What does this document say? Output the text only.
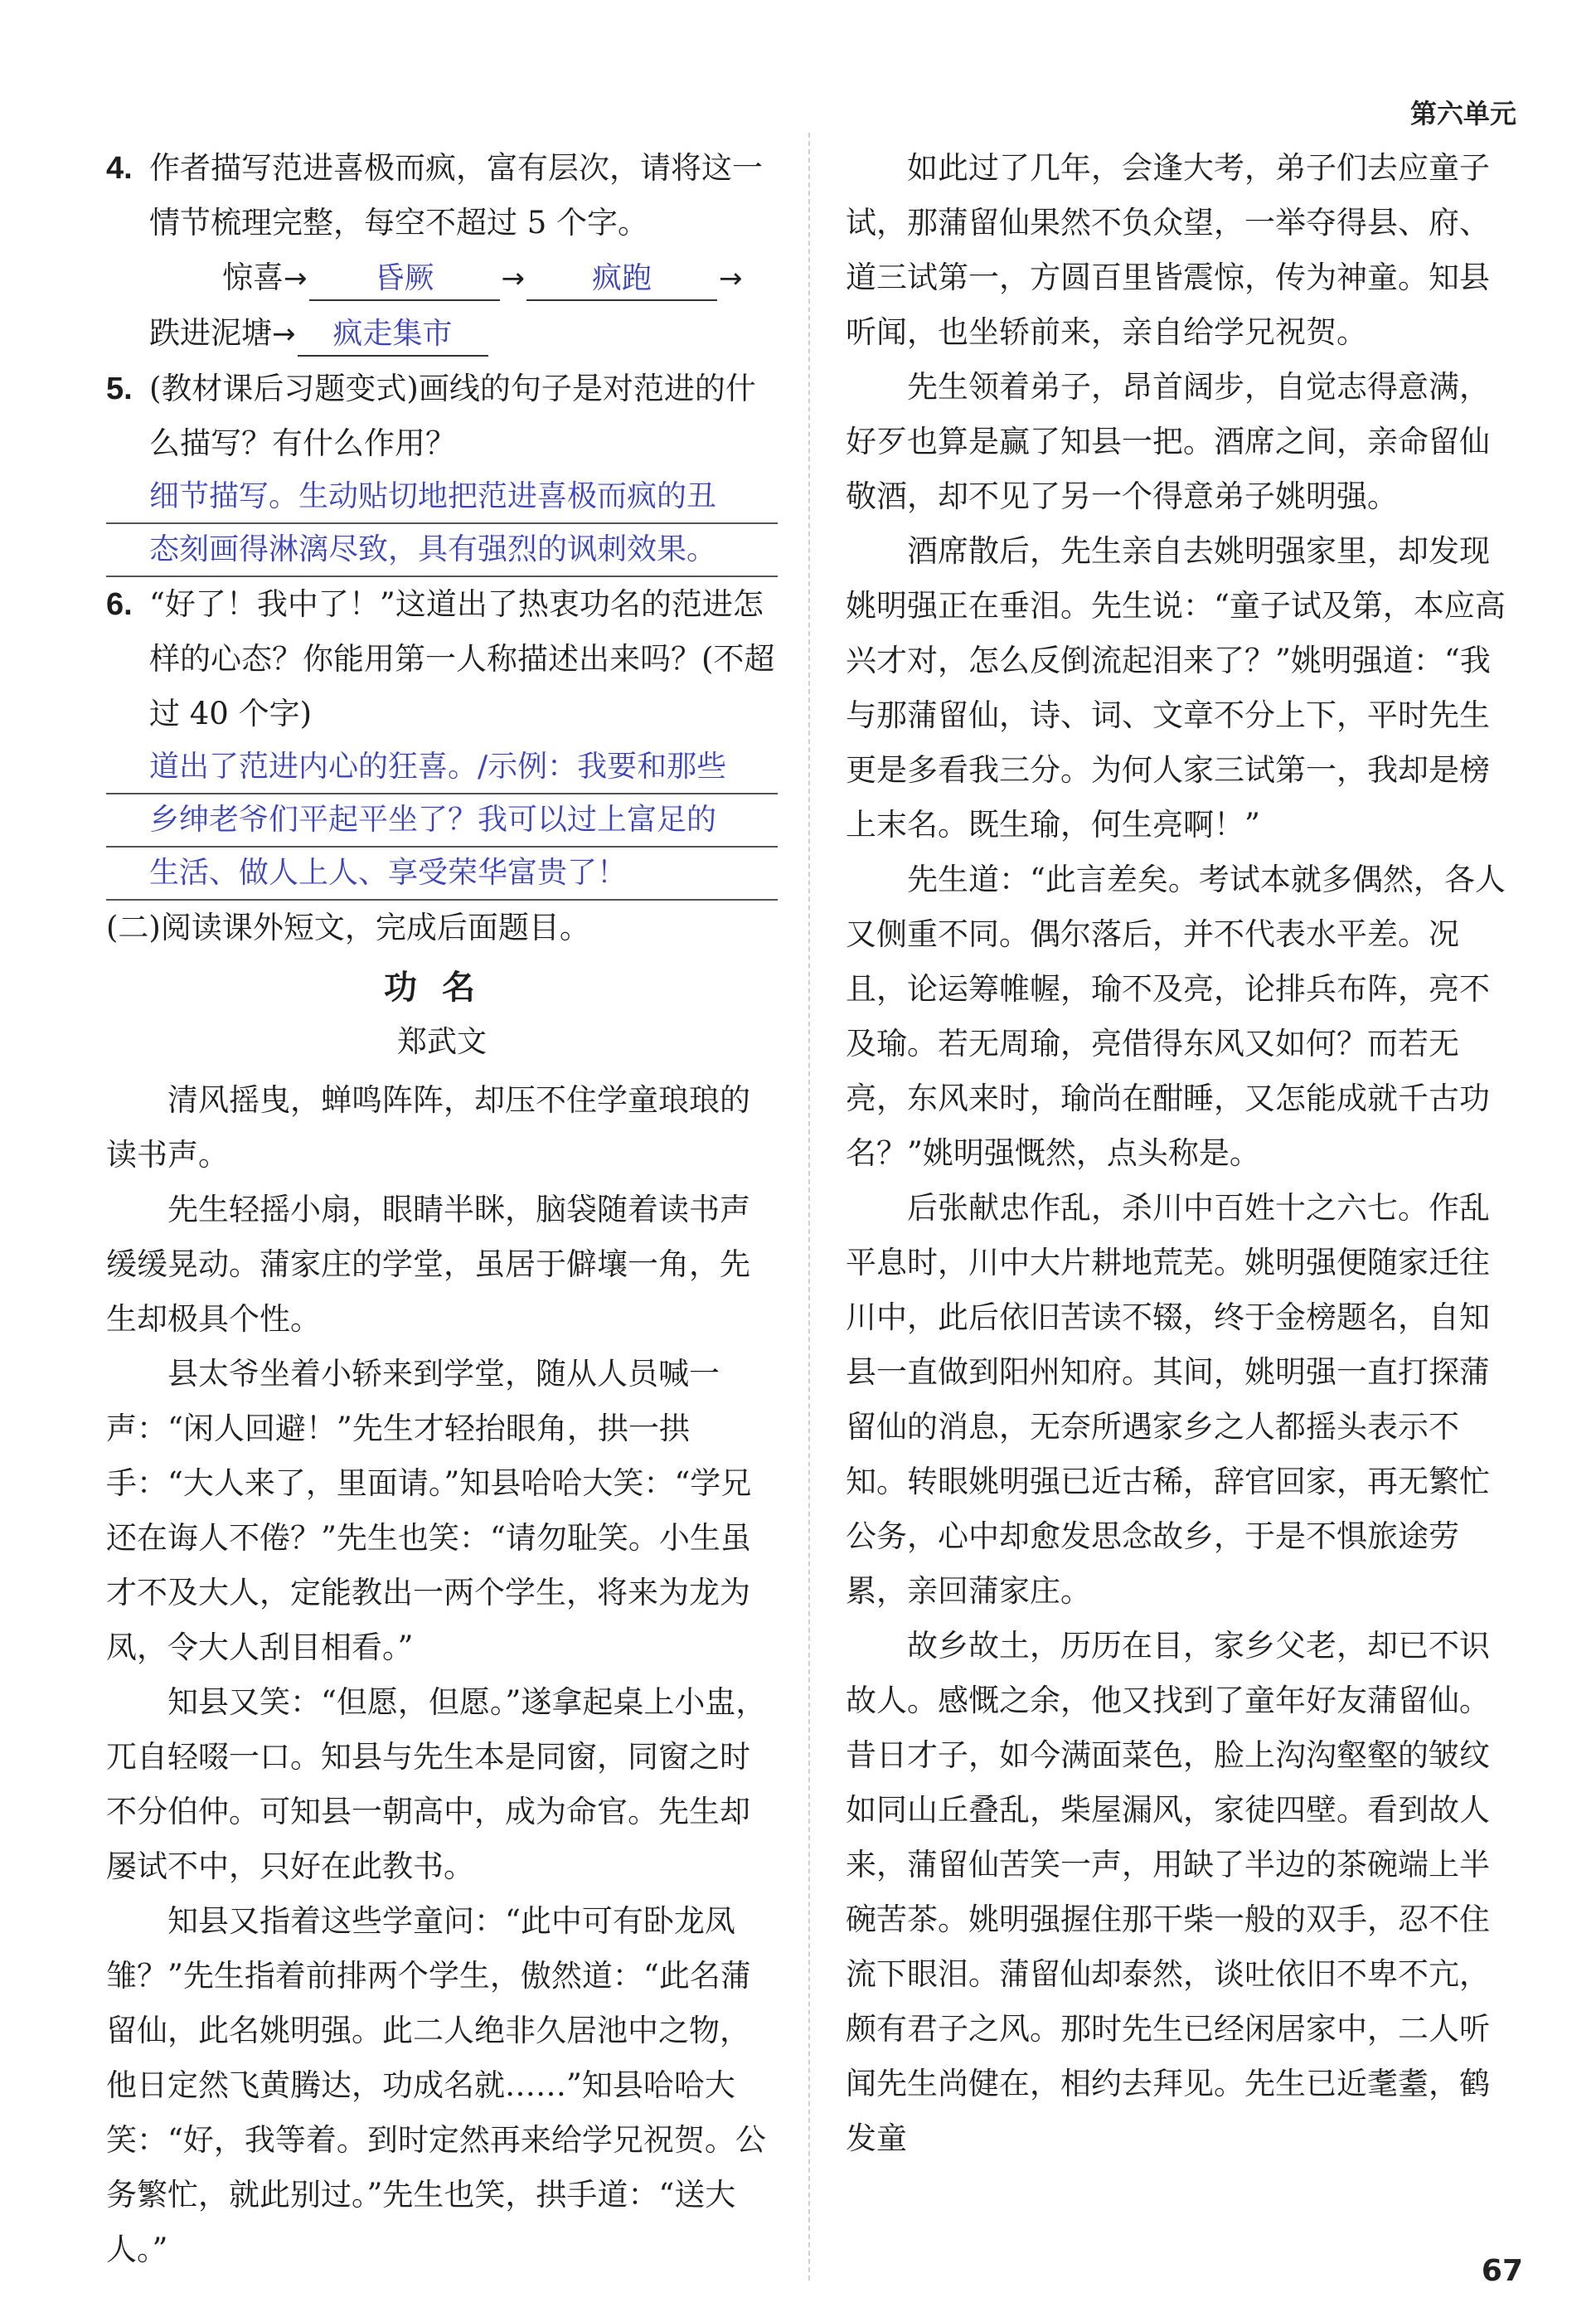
第六单元
4. 作者描写范进喜极而疯，富有层次，请将这一情节梳理完整，每空不超过 5 个字。
惊喜→ 昏厥 → 疯跑 →
跌进泥塘→ 疯走集市
5. (教材课后习题变式)画线的句子是对范进的什么描写？有什么作用？
细节描写。生动贴切地把范进喜极而疯的丑
态刻画得淋漓尽致，具有强烈的讽刺效果。
6. “好了！我中了！”这道出了热衷功名的范进怎样的心态？你能用第一人称描述出来吗？(不超过 40 个字)
道出了范进内心的狂喜。/示例：我要和那些
乡绅老爷们平起平坐了？我可以过上富足的
生活、做人上人、享受荣华富贵了！

(二)阅读课外短文，完成后面题目。

功名

郑武文

清风摇曳，蝉鸣阵阵，却压不住学童琅琅的读书声。

先生轻摇小扇，眼睛半眯，脑袋随着读书声缓缓晃动。蒲家庄的学堂，虽居于僻壤一角，先生却极具个性。

县太爷坐着小轿来到学堂，随从人员喊一声：“闲人回避！”先生才轻抬眼角，拱一拱手：“大人来了，里面请。”知县哈哈大笑：“学兄还在诲人不倦？”先生也笑：“请勿耻笑。小生虽才不及大人，定能教出一两个学生，将来为龙为凤，令大人刮目相看。”

知县又笑：“但愿，但愿。”遂拿起桌上小盅，兀自轻啜一口。知县与先生本是同窗，同窗之时不分伯仲。可知县一朝高中，成为命官。先生却屡试不中，只好在此教书。

知县又指着这些学童问：“此中可有卧龙凤雏？”先生指着前排两个学生，傲然道：“此名蒲留仙，此名姚明强。此二人绝非久居池中之物，他日定然飞黄腾达，功成名就……”知县哈哈大笑：“好，我等着。到时定然再来给学兄祝贺。公务繁忙，就此别过。”先生也笑，拱手道：“送大人。”

如此过了几年，会逢大考，弟子们去应童子试，那蒲留仙果然不负众望，一举夺得县、府、道三试第一，方圆百里皆震惊，传为神童。知县听闻，也坐轿前来，亲自给学兄祝贺。

先生领着弟子，昂首阔步，自觉志得意满，好歹也算是赢了知县一把。酒席之间，亲命留仙敬酒，却不见了另一个得意弟子姚明强。

酒席散后，先生亲自去姚明强家里，却发现姚明强正在垂泪。先生说：“童子试及第，本应高兴才对，怎么反倒流起泪来了？”姚明强道：“我与那蒲留仙，诗、词、文章不分上下，平时先生更是多看我三分。为何人家三试第一，我却是榜上末名。既生瑜，何生亮啊！”

先生道：“此言差矣。考试本就多偶然，各人又侧重不同。偶尔落后，并不代表水平差。况且，论运筹帷幄，瑜不及亮，论排兵布阵，亮不及瑜。若无周瑜，亮借得东风又如何？而若无亮，东风来时，瑜尚在酣睡，又怎能成就千古功名？”姚明强慨然，点头称是。

后张献忠作乱，杀川中百姓十之六七。作乱平息时，川中大片耕地荒芜。姚明强便随家迁往川中，此后依旧苦读不辍，终于金榜题名，自知县一直做到阳州知府。其间，姚明强一直打探蒲留仙的消息，无奈所遇家乡之人都摇头表示不知。转眼姚明强已近古稀，辞官回家，再无繁忙公务，心中却愈发思念故乡，于是不惧旅途劳累，亲回蒲家庄。

故乡故土，历历在目，家乡父老，却已不识故人。感慨之余，他又找到了童年好友蒲留仙。昔日才子，如今满面菜色，脸上沟沟壑壑的皱纹如同山丘叠乱，柴屋漏风，家徒四壁。看到故人来，蒲留仙苦笑一声，用缺了半边的茶碗端上半碗苦茶。姚明强握住那干柴一般的双手，忍不住流下眼泪。蒲留仙却泰然，谈吐依旧不卑不亢，颇有君子之风。那时先生已经闲居家中，二人听闻先生尚健在，相约去拜见。先生已近耄耋，鹤发童

67
